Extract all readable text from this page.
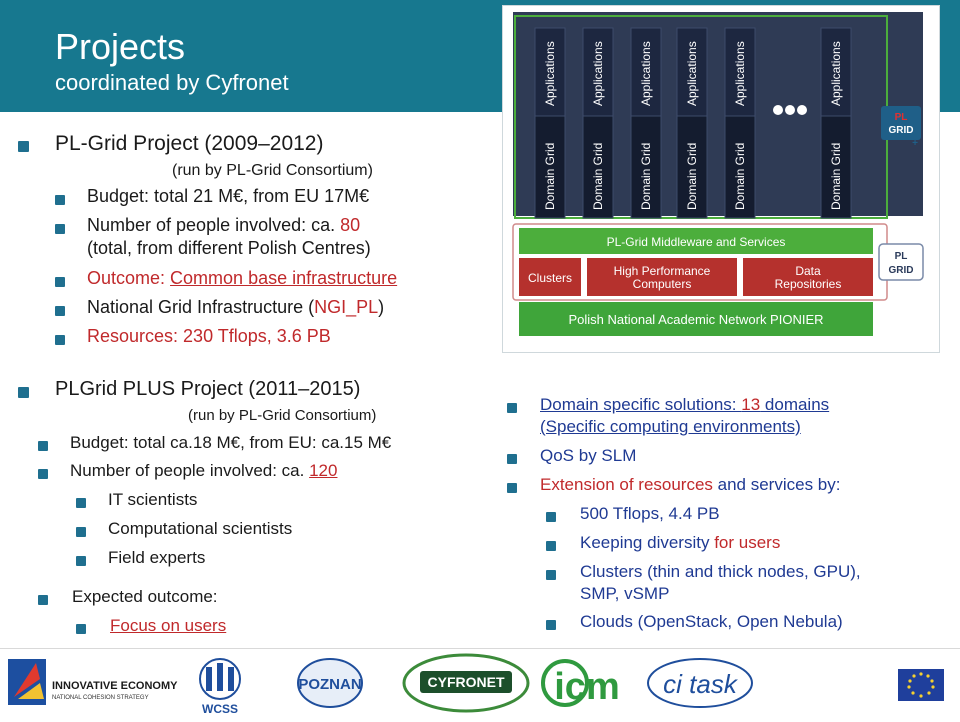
Projects
coordinated by Cyfronet
PL-Grid Project (2009–2012)
(run by PL-Grid Consortium)
Budget: total 21 M€, from EU 17M€
Number of people involved: ca. 80
(total, from different Polish Centres)
Outcome: Common base infrastructure
National Grid Infrastructure (NGI_PL)
Resources: 230 Tflops, 3.6 PB
Applications
Domain Grid
Applications
Domain Grid
Applications
Domain Grid
Applications
Domain Grid
Applications
Domain Grid
Applications
Domain Grid
PL
GRID
+
PL-Grid Middleware and Services
Clusters	High Performance
Computers
Data
Repositories
PL
GRID
Polish National Academic Network PIONIER
PLGrid PLUS Project (2011–2015)
(run by PL-Grid Consortium)
Budget: total ca.18 M€, from EU: ca.15 M€
Number of people involved: ca. 120
IT scientists
Computational scientists
Field experts
Expected outcome:
Focus on users
Domain specific solutions: 13 domains
(Specific computing environments)
QoS by SLM
Extension of resources and services by:
500 Tflops, 4.4 PB
Keeping diversity for users
Clusters (thin and thick nodes, GPU),
SMP, vSMP
Clouds (OpenStack, Open Nebula)
INNOVATIVE ECONOMY
NATIONAL COHESION STRATEGY
WCSS
POZNAN	CYFRONET icm ci task
